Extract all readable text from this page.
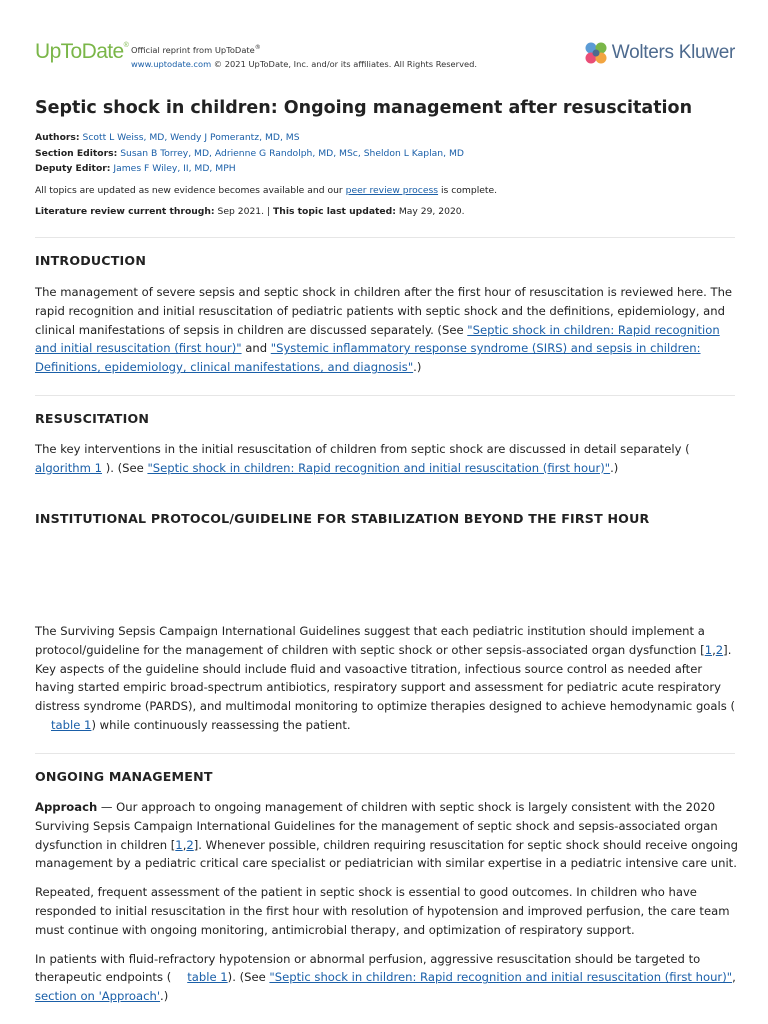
UpToDate® Official reprint from UpToDate®
www.uptodate.com © 2021 UpToDate, Inc. and/or its affiliates. All Rights Reserved.
Wolters Kluwer
Septic shock in children: Ongoing management after resuscitation
Authors: Scott L Weiss, MD, Wendy J Pomerantz, MD, MS
Section Editors: Susan B Torrey, MD, Adrienne G Randolph, MD, MSc, Sheldon L Kaplan, MD
Deputy Editor: James F Wiley, II, MD, MPH

All topics are updated as new evidence becomes available and our peer review process is complete.

Literature review current through: Sep 2021. | This topic last updated: May 29, 2020.

INTRODUCTION

The management of severe sepsis and septic shock in children after the first hour of resuscitation is reviewed here. The rapid recognition and initial resuscitation of pediatric patients with septic shock and the definitions, epidemiology, and clinical manifestations of sepsis in children are discussed separately. (See "Septic shock in children: Rapid recognition and initial resuscitation (first hour)" and "Systemic inflammatory response syndrome (SIRS) and sepsis in children: Definitions, epidemiology, clinical manifestations, and diagnosis".)

RESUSCITATION

The key interventions in the initial resuscitation of children from septic shock are discussed in detail separately (algorithm 1 ). (See "Septic shock in children: Rapid recognition and initial resuscitation (first hour)".)

INSTITUTIONAL PROTOCOL/GUIDELINE FOR STABILIZATION BEYOND THE FIRST HOUR

The Surviving Sepsis Campaign International Guidelines suggest that each pediatric institution should implement a protocol/guideline for the management of children with septic shock or other sepsis-associated organ dysfunction [1,2]. Key aspects of the guideline should include fluid and vasoactive titration, infectious source control as needed after having started empiric broad-spectrum antibiotics, respiratory support and assessment for pediatric acute respiratory distress syndrome (PARDS), and multimodal monitoring to optimize therapies designed to achieve hemodynamic goals (table 1) while continuously reassessing the patient.

ONGOING MANAGEMENT

Approach — Our approach to ongoing management of children with septic shock is largely consistent with the 2020 Surviving Sepsis Campaign International Guidelines for the management of septic shock and sepsis-associated organ dysfunction in children [1,2]. Whenever possible, children requiring resuscitation for septic shock should receive ongoing management by a pediatric critical care specialist or pediatrician with similar expertise in a pediatric intensive care unit.

Repeated, frequent assessment of the patient in septic shock is essential to good outcomes. In children who have responded to initial resuscitation in the first hour with resolution of hypotension and improved perfusion, the care team must continue with ongoing monitoring, antimicrobial therapy, and optimization of respiratory support.

In patients with fluid-refractory hypotension or abnormal perfusion, aggressive resuscitation should be targeted to therapeutic endpoints ( table 1). (See "Septic shock in children: Rapid recognition and initial resuscitation (first hour)", section on 'Approach'.)
